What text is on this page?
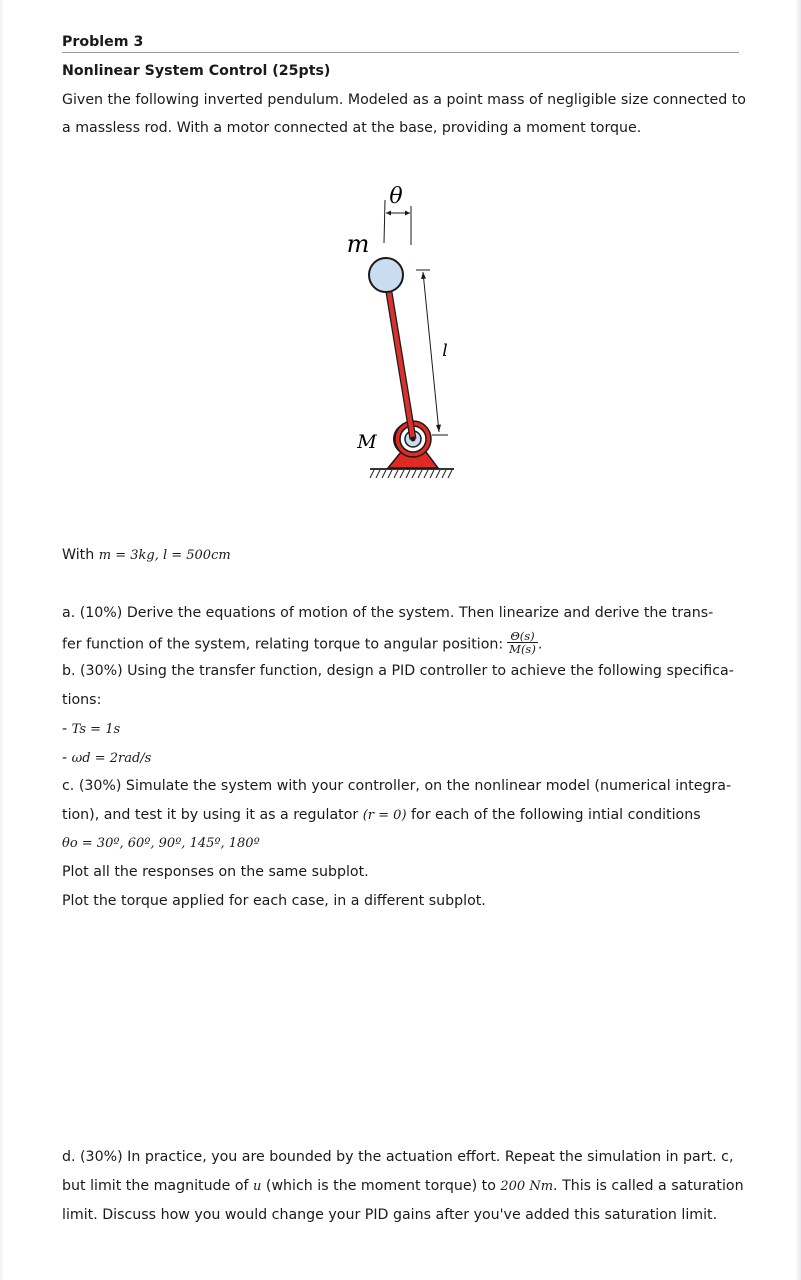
Problem 3
Nonlinear System Control (25pts)
Given the following inverted pendulum. Modeled as a point mass of negligible size connected to
a massless rod. With a motor connected at the base, providing a moment torque.
θ
m
l
M
With m = 3kg, l = 500cm
a. (10%) Derive the equations of motion of the system. Then linearize and derive the trans-
fer function of the system, relating torque to angular position: $\frac{\Theta(s)}{M(s)}$ .
b. (30%) Using the transfer function, design a PID controller to achieve the following specifica-
tions:
- Ts = 1s
- ωd = 2rad/s
c. (30%) Simulate the system with your controller, on the nonlinear model (numerical integra-
tion), and test it by using it as a regulator (r = 0) for each of the following intial conditions
θo = 30º, 60º, 90º, 145º, 180º
Plot all the responses on the same subplot.
Plot the torque applied for each case, in a different subplot.
d. (30%) In practice, you are bounded by the actuation effort. Repeat the simulation in part. c,
but limit the magnitude of u (which is the moment torque) to 200 Nm. This is called a saturation
limit. Discuss how you would change your PID gains after you've added this saturation limit.
